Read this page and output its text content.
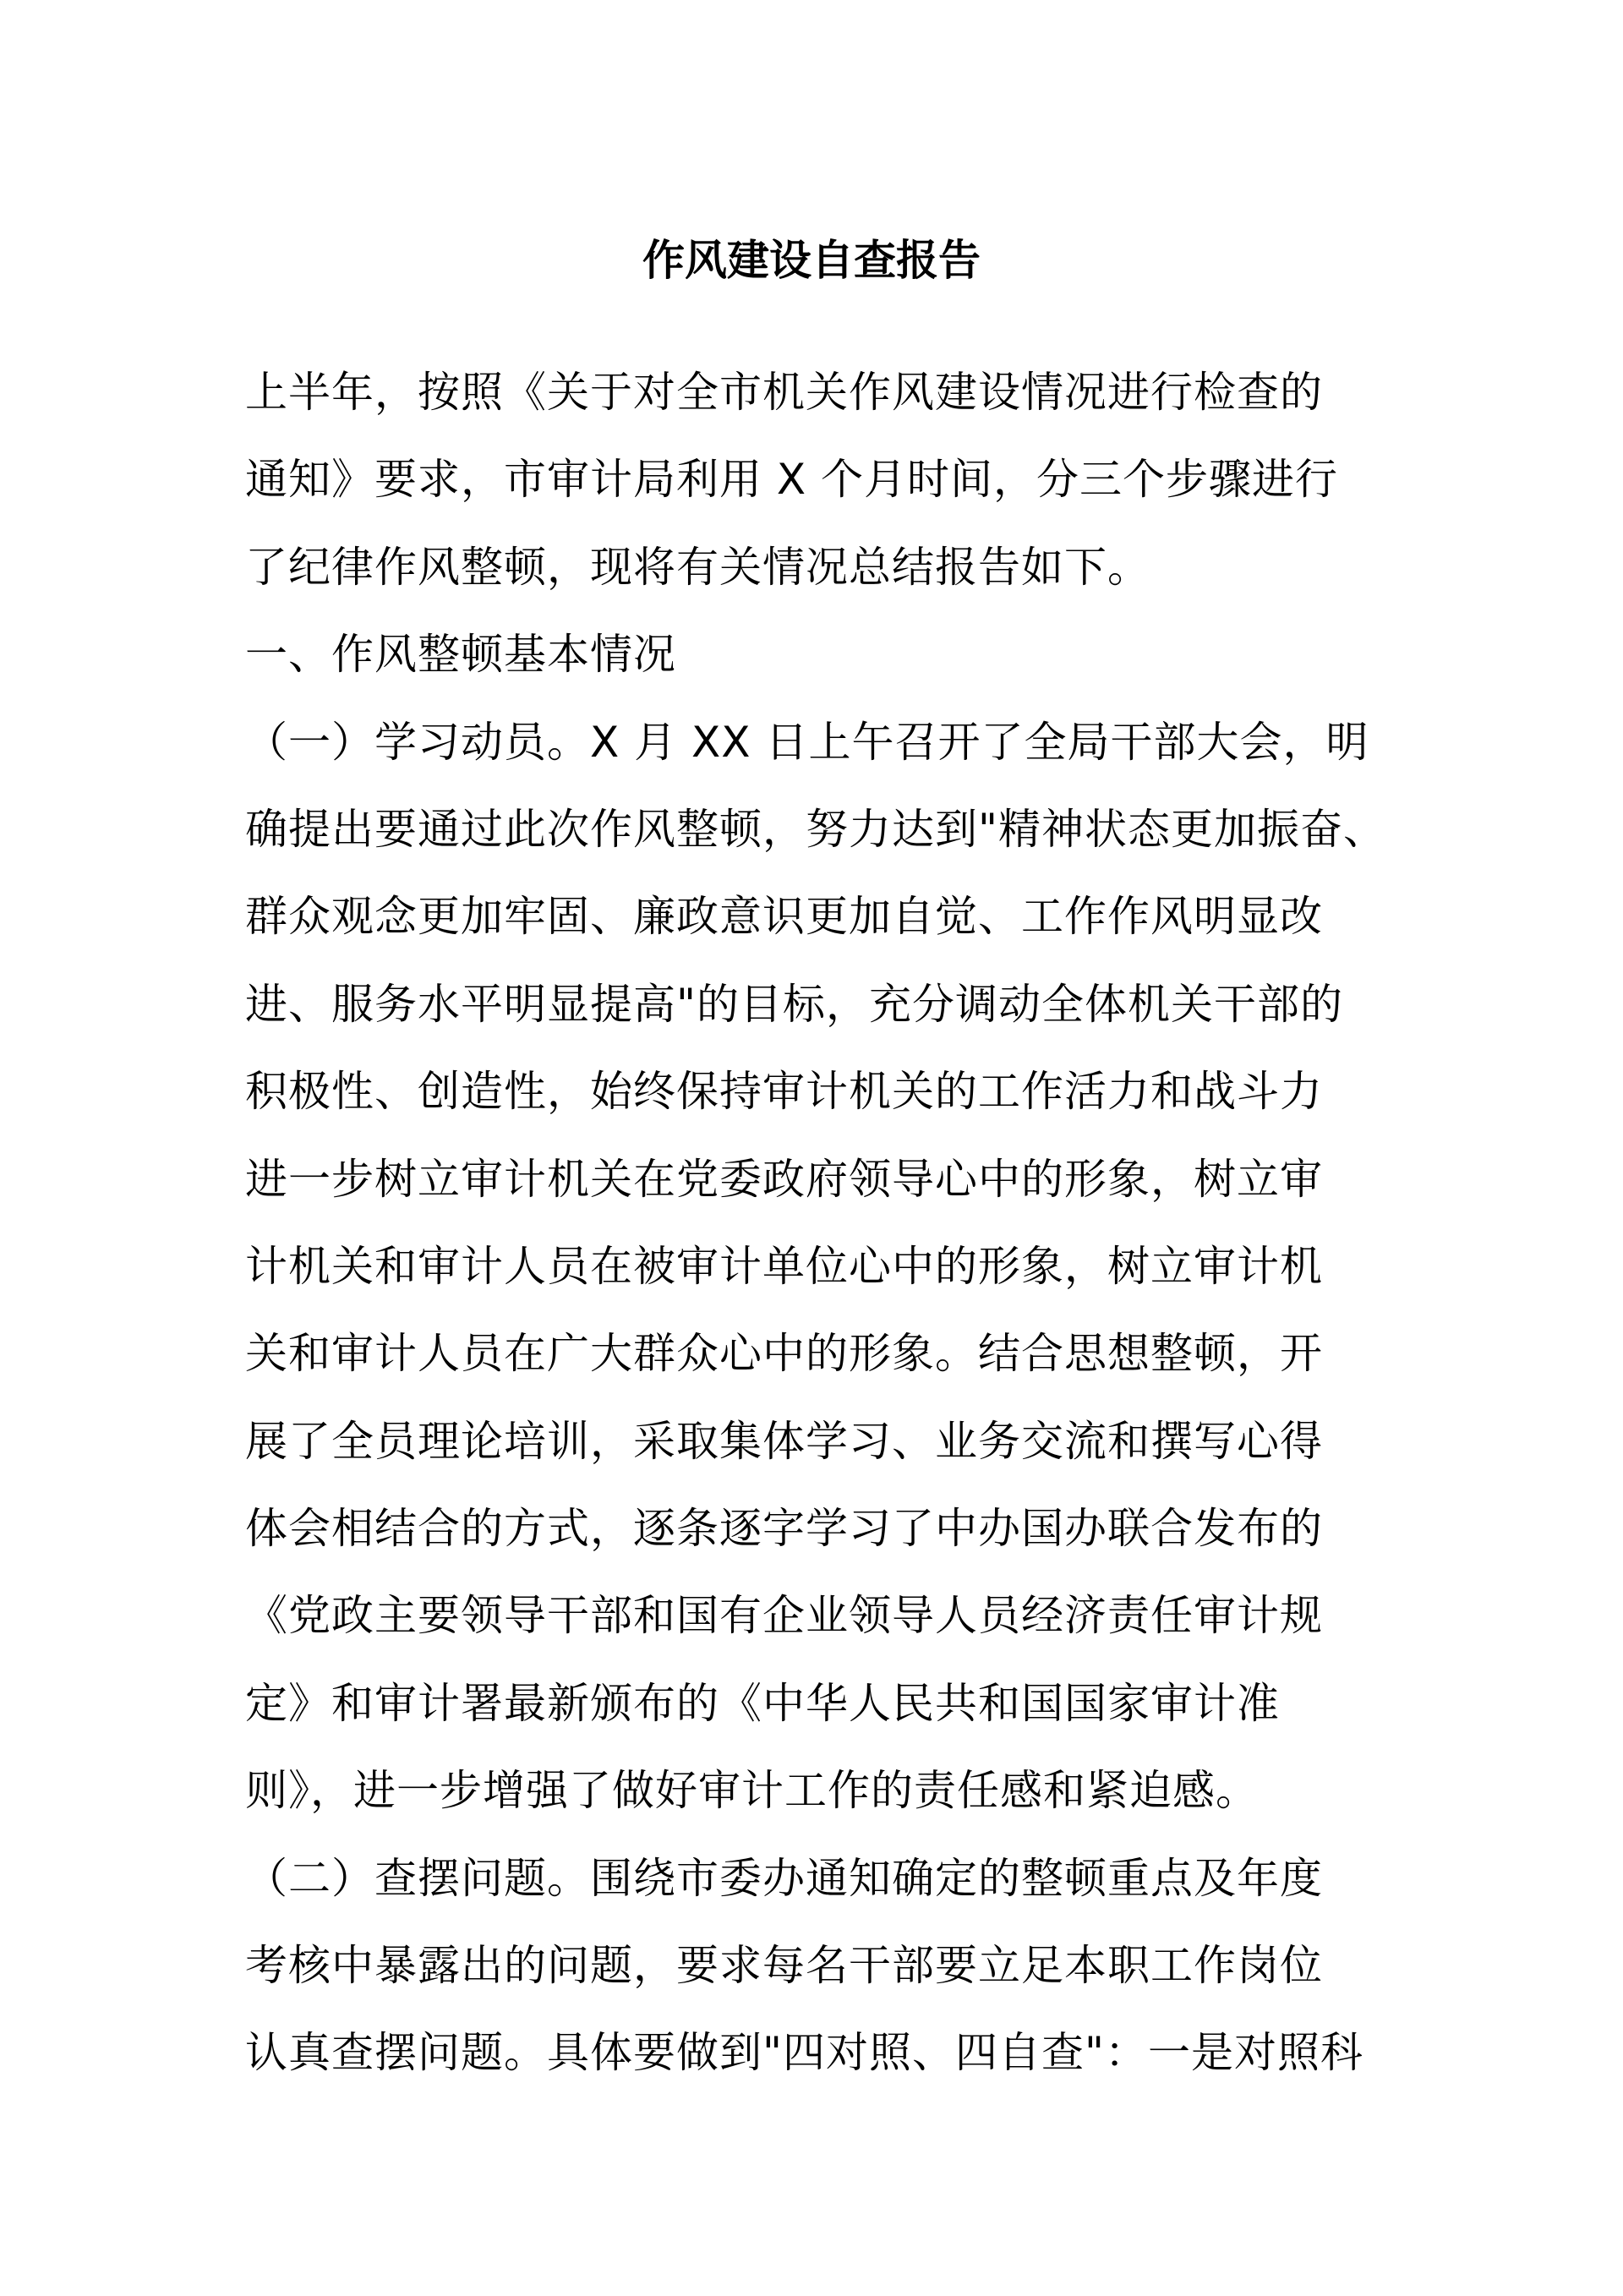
作风建设自查报告
上半年，按照《关于对全市机关作风建设情况进行检查的
通知》要求，市审计局利用 X 个月时间，分三个步骤进行
了纪律作风整顿，现将有关情况总结报告如下。
一、作风整顿基本情况
（一）学习动员。X 月 XX 日上午召开了全局干部大会，明
确提出要通过此次作风整顿，努力达到"精神状态更加振奋、
群众观念更加牢固、廉政意识更加自觉、工作作风明显改
进、服务水平明显提高"的目标，充分调动全体机关干部的
积极性、创造性，始终保持审计机关的工作活力和战斗力
进一步树立审计机关在党委政府领导心中的形象，树立审
计机关和审计人员在被审计单位心中的形象，树立审计机
关和审计人员在广大群众心中的形象。结合思想整顿，开
展了全员理论培训，采取集体学习、业务交流和撰写心得
体会相结合的方式，逐条逐字学习了中办国办联合发布的
《党政主要领导干部和国有企业领导人员经济责任审计规
定》和审计署最新颁布的《中华人民共和国国家审计准
则》，进一步增强了做好审计工作的责任感和紧迫感。
（二）查摆问题。围绕市委办通知确定的整顿重点及年度
考核中暴露出的问题，要求每名干部要立足本职工作岗位
认真查摆问题。具体要做到"四对照、四自查"：一是对照科
